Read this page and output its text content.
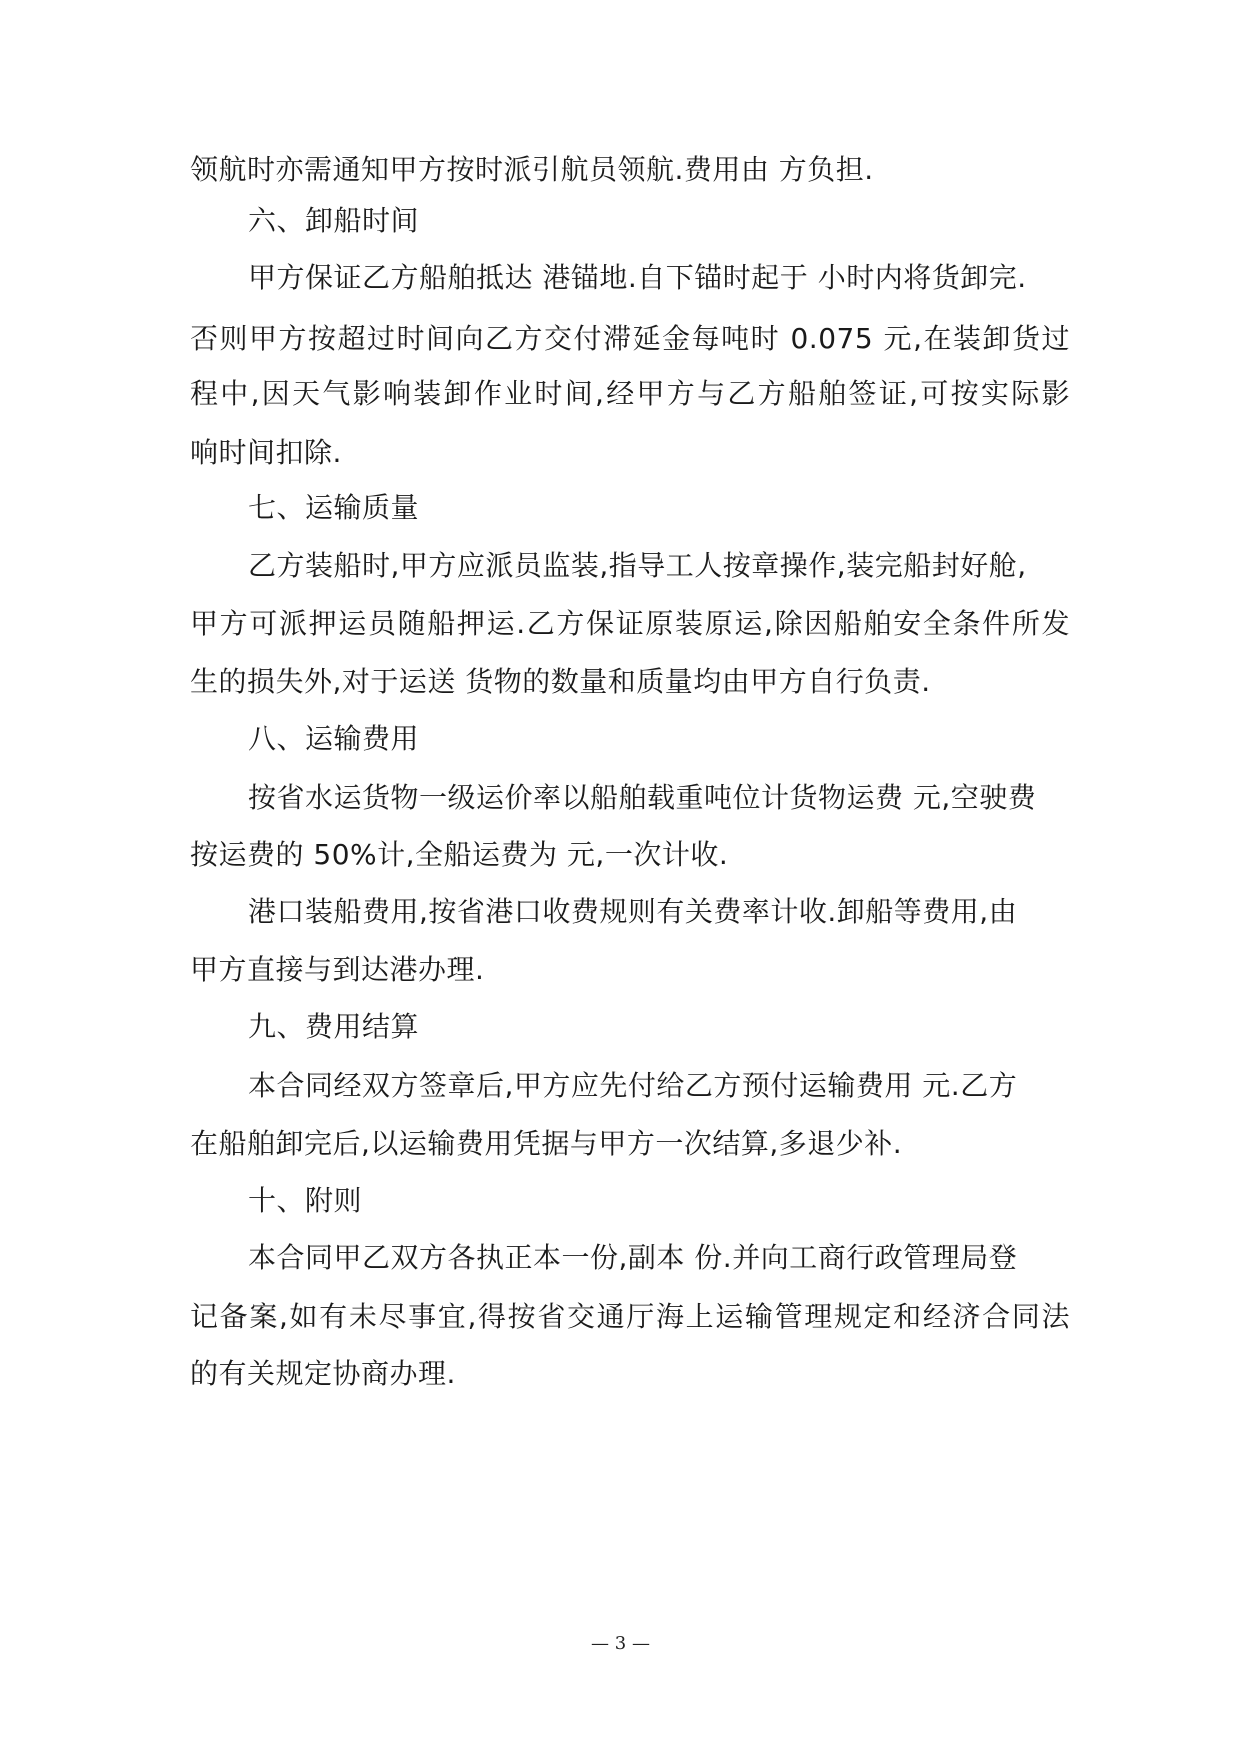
领航时亦需通知甲方按时派引航员领航.费用由 方负担.
六、卸船时间
甲方保证乙方船舶抵达 港锚地.自下锚时起于 小时内将货卸完.
否则甲方按超过时间向乙方交付滞延金每吨时 0.075 元,在装卸货过
程中,因天气影响装卸作业时间,经甲方与乙方船舶签证,可按实际影
响时间扣除.
七、运输质量
乙方装船时,甲方应派员监装,指导工人按章操作,装完船封好舱,
甲方可派押运员随船押运.乙方保证原装原运,除因船舶安全条件所发
生的损失外,对于运送 货物的数量和质量均由甲方自行负责.
八、运输费用
按省水运货物一级运价率以船舶载重吨位计货物运费 元,空驶费
按运费的 50%计,全船运费为 元,一次计收.
港口装船费用,按省港口收费规则有关费率计收.卸船等费用,由
甲方直接与到达港办理.
九、费用结算
本合同经双方签章后,甲方应先付给乙方预付运输费用 元.乙方
在船舶卸完后,以运输费用凭据与甲方一次结算,多退少补.
十、附则
本合同甲乙双方各执正本一份,副本 份.并向工商行政管理局登
记备案,如有未尽事宜,得按省交通厅海上运输管理规定和经济合同法
的有关规定协商办理.
— 3 —
